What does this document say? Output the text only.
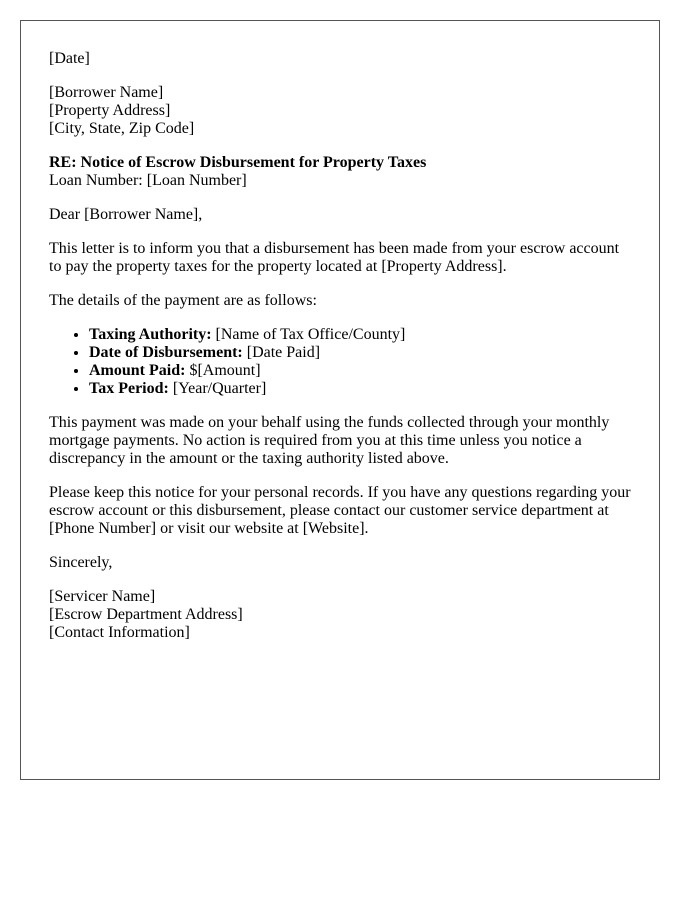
[Date]

[Borrower Name]
[Property Address]
[City, State, Zip Code]
RE: Notice of Escrow Disbursement for Property Taxes
Loan Number: [Loan Number]

Dear [Borrower Name],

This letter is to inform you that a disbursement has been made from your escrow account to pay the property taxes for the property located at [Property Address].

The details of the payment are as follows:

• Taxing Authority: [Name of Tax Office/County]
• Date of Disbursement: [Date Paid]
• Amount Paid: $[Amount]
• Tax Period: [Year/Quarter]

This payment was made on your behalf using the funds collected through your monthly mortgage payments. No action is required from you at this time unless you notice a discrepancy in the amount or the taxing authority listed above.

Please keep this notice for your personal records. If you have any questions regarding your escrow account or this disbursement, please contact our customer service department at [Phone Number] or visit our website at [Website].

Sincerely,

[Servicer Name]
[Escrow Department Address]
[Contact Information]
